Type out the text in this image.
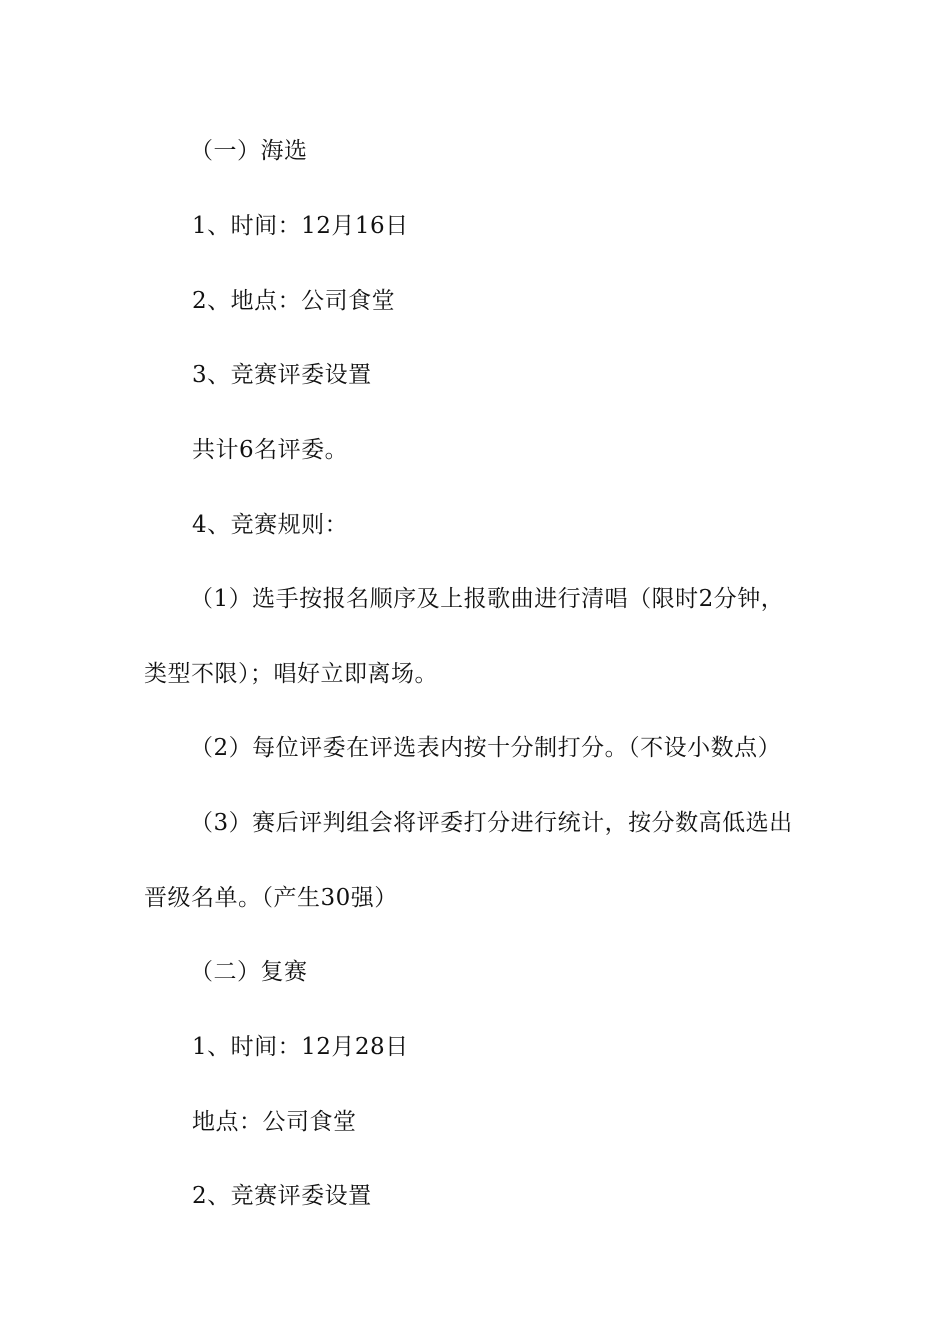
（一）海选

1、时间：12月16日

2、地点：公司食堂

3、竞赛评委设置

共计6名评委。

4、竞赛规则：

（1）选手按报名顺序及上报歌曲进行清唱（限时2分钟，

类型不限）；唱好立即离场。

（2）每位评委在评选表内按十分制打分。（不设小数点）

（3）赛后评判组会将评委打分进行统计，按分数高低选出

晋级名单。（产生30强）

（二）复赛

1、时间：12月28日

地点：公司食堂

2、竞赛评委设置
